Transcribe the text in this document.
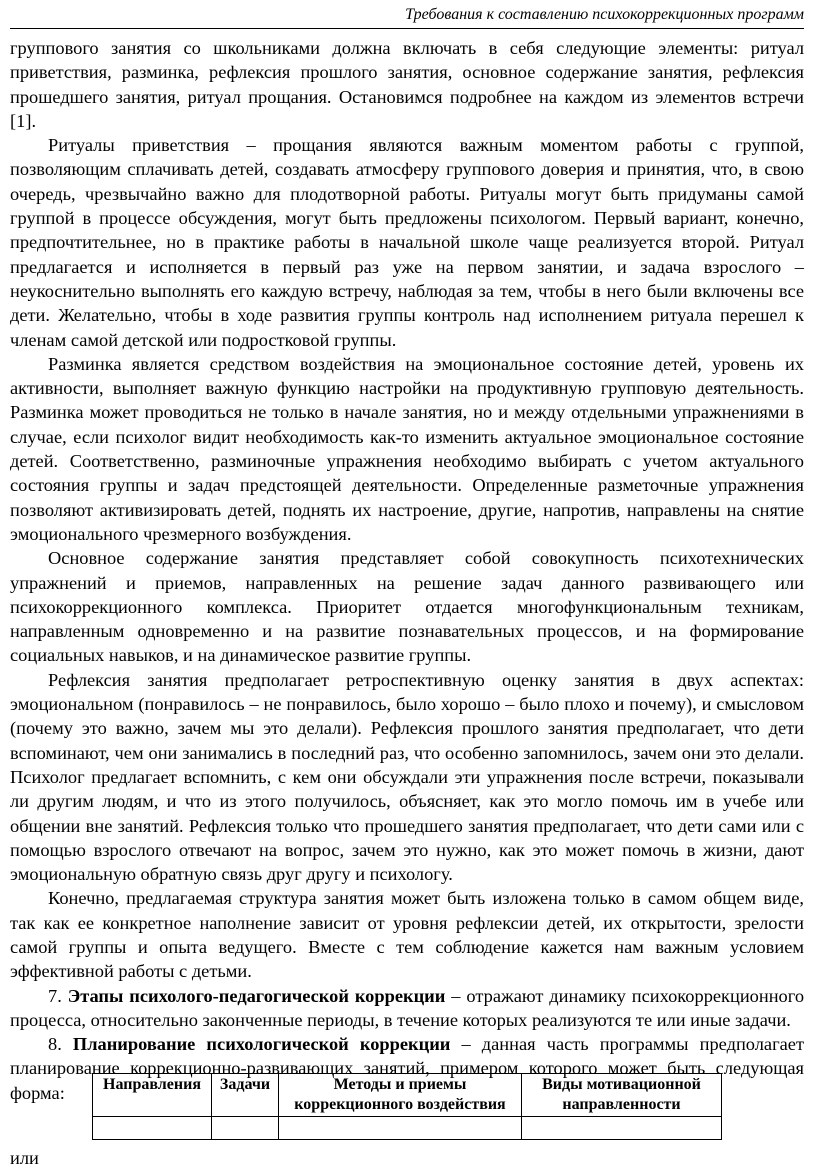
Требования к составлению психокоррекционных программ

группового занятия со школьниками должна включать в себя следующие элементы: ритуал приветствия, разминка, рефлексия прошлого занятия, основное содержание занятия, рефлексия прошедшего занятия, ритуал прощания. Остановимся подробнее на каждом из элементов встречи [1].

Ритуалы приветствия – прощания являются важным моментом работы с группой, позволяющим сплачивать детей, создавать атмосферу группового доверия и принятия, что, в свою очередь, чрезвычайно важно для плодотворной работы. Ритуалы могут быть придуманы самой группой в процессе обсуждения, могут быть предложены психологом. Первый вариант, конечно, предпочтительнее, но в практике работы в начальной школе чаще реализуется второй. Ритуал предлагается и исполняется в первый раз уже на первом занятии, и задача взрослого – неукоснительно выполнять его каждую встречу, наблюдая за тем, чтобы в него были включены все дети. Желательно, чтобы в ходе развития группы контроль над исполнением ритуала перешел к членам самой детской или подростковой группы.

Разминка является средством воздействия на эмоциональное состояние детей, уровень их активности, выполняет важную функцию настройки на продуктивную групповую деятельность. Разминка может проводиться не только в начале занятия, но и между отдельными упражнениями в случае, если психолог видит необходимость как-то изменить актуальное эмоциональное состояние детей. Соответственно, разминочные упражнения необходимо выбирать с учетом актуального состояния группы и задач предстоящей деятельности. Определенные разметочные упражнения позволяют активизировать детей, поднять их настроение, другие, напротив, направлены на снятие эмоционального чрезмерного возбуждения.

Основное содержание занятия представляет собой совокупность психотехнических упражнений и приемов, направленных на решение задач данного развивающего или психокоррекционного комплекса. Приоритет отдается многофункциональным техникам, направленным одновременно и на развитие познавательных процессов, и на формирование социальных навыков, и на динамическое развитие группы.

Рефлексия занятия предполагает ретроспективную оценку занятия в двух аспектах: эмоциональном (понравилось – не понравилось, было хорошо – было плохо и почему), и смысловом (почему это важно, зачем мы это делали). Рефлексия прошлого занятия предполагает, что дети вспоминают, чем они занимались в последний раз, что особенно запомнилось, зачем они это делали. Психолог предлагает вспомнить, с кем они обсуждали эти упражнения после встречи, показывали ли другим людям, и что из этого получилось, объясняет, как это могло помочь им в учебе или общении вне занятий. Рефлексия только что прошедшего занятия предполагает, что дети сами или с помощью взрослого отвечают на вопрос, зачем это нужно, как это может помочь в жизни, дают эмоциональную обратную связь друг другу и психологу.

Конечно, предлагаемая структура занятия может быть изложена только в самом общем виде, так как ее конкретное наполнение зависит от уровня рефлексии детей, их открытости, зрелости самой группы и опыта ведущего. Вместе с тем соблюдение кажется нам важным условием эффективной работы с детьми.

7. Этапы психолого-педагогической коррекции – отражают динамику психокоррекционного процесса, относительно законченные периоды, в течение которых реализуются те или иные задачи.

8. Планирование психологической коррекции – данная часть программы предполагает планирование коррекционно-развивающих занятий, примером которого может быть следующая форма:	Направления	Задачи	Методы и приемы коррекционного воздействия	Виды мотивационной направленности

или
